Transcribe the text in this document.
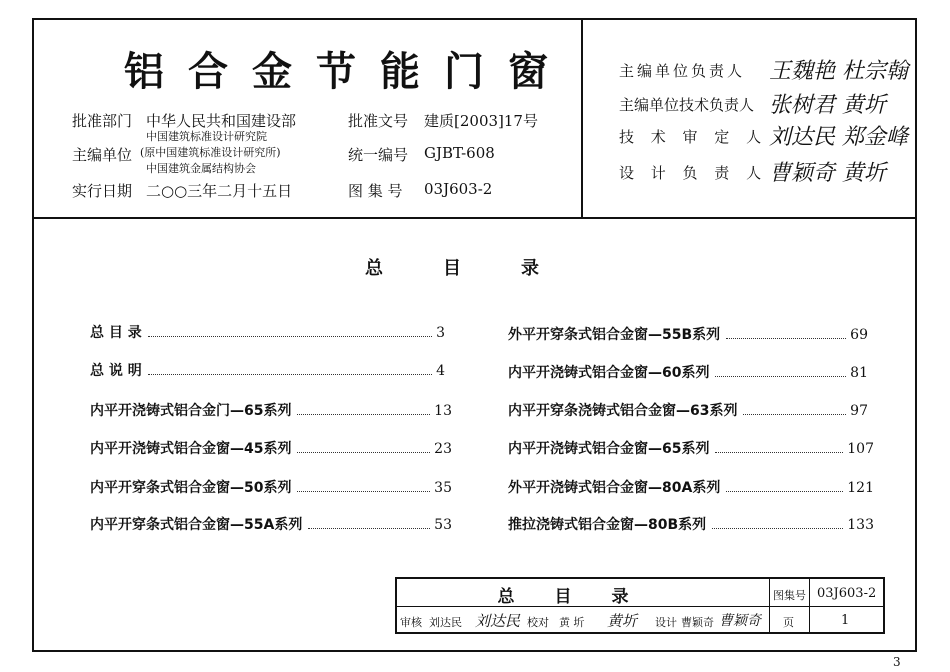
铝合金节能门窗
批准部门 中华人民共和国建设部
主编单位
中国建筑标准设计研究院
(原中国建筑标准设计研究所)
中国建筑金属结构协会
实行日期 二○○三年二月十五日
批准文号 建质[2003]17号
统一编号 GJBT-608
图 集 号 03J603-2
主编单位负责人 王魏艳 杜宗翰
主编单位技术负责人 张树君 黄圻
技 术 审 定 人 刘达民 郑金峰
设 计 负 责 人 曹颖奇 黄圻
总目录
总 目 录	3
总 说 明	4
内平开浇铸式铝合金门—65系列	13
内平开浇铸式铝合金窗—45系列	23
内平开穿条式铝合金窗—50系列	35
内平开穿条式铝合金窗—55A系列	53
外平开穿条式铝合金窗—55B系列	69
内平开浇铸式铝合金窗—60系列	81
内平开穿条浇铸式铝合金窗—63系列	97
内平开浇铸式铝合金窗—65系列	107
外平开浇铸式铝合金窗—80A系列	121
推拉浇铸式铝合金窗—80B系列	133
总目录	图集号 03J603-2
审核 刘达民 刘达民 校对 黄 圻 黄圻 设计 曹颖奇 曹颖奇 页	1
3
